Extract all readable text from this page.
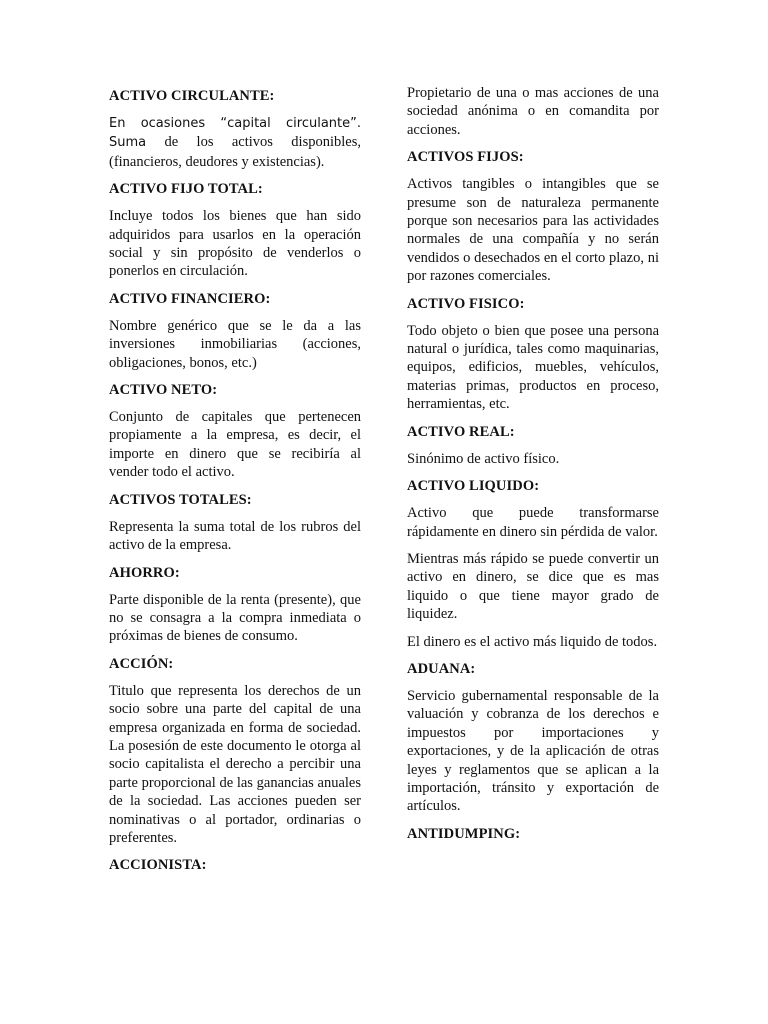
ACTIVO CIRCULANTE:

En ocasiones “capital circulante”. Suma de los activos disponibles, (financieros, deudores y existencias).

ACTIVO FIJO TOTAL:

Incluye todos los bienes que han sido adquiridos para usarlos en la operación social y sin propósito de venderlos o ponerlos en circulación.

ACTIVO FINANCIERO:

Nombre genérico que se le da a las inversiones inmobiliarias (acciones, obligaciones, bonos, etc.)

ACTIVO NETO:

Conjunto de capitales que pertenecen propiamente a la empresa, es decir, el importe en dinero que se recibiría al vender todo el activo.

ACTIVOS TOTALES:

Representa la suma total de los rubros del activo de la empresa.

AHORRO:

Parte disponible de la renta (presente), que no se consagra a la compra inmediata o próximas de bienes de consumo.

ACCIÓN:

Titulo que representa los derechos de un socio sobre una parte del capital de una empresa organizada en forma de sociedad. La posesión de este documento le otorga al socio capitalista el derecho a percibir una parte proporcional de las ganancias anuales de la sociedad. Las acciones pueden ser nominativas o al portador, ordinarias o preferentes.

ACCIONISTA:

Propietario de una o mas acciones de una sociedad anónima o en comandita por acciones.

ACTIVOS FIJOS:

Activos tangibles o intangibles que se presume son de naturaleza permanente porque son necesarios para las actividades normales de una compañía y no serán vendidos o desechados en el corto plazo, ni por razones comerciales.

ACTIVO FISICO:

Todo objeto o bien que posee una persona natural o jurídica, tales como maquinarias, equipos, edificios, muebles, vehículos, materias primas, productos en proceso, herramientas, etc.

ACTIVO REAL:

Sinónimo de activo físico.

ACTIVO LIQUIDO:

Activo que puede transformarse rápidamente en dinero sin pérdida de valor.

Mientras más rápido se puede convertir un activo en dinero, se dice que es mas liquido o que tiene mayor grado de liquidez.

El dinero es el activo más liquido de todos.

ADUANA:

Servicio gubernamental responsable de la valuación y cobranza de los derechos e impuestos por importaciones y exportaciones, y de la aplicación de otras leyes y reglamentos que se aplican a la importación, tránsito y exportación de artículos.

ANTIDUMPING:
